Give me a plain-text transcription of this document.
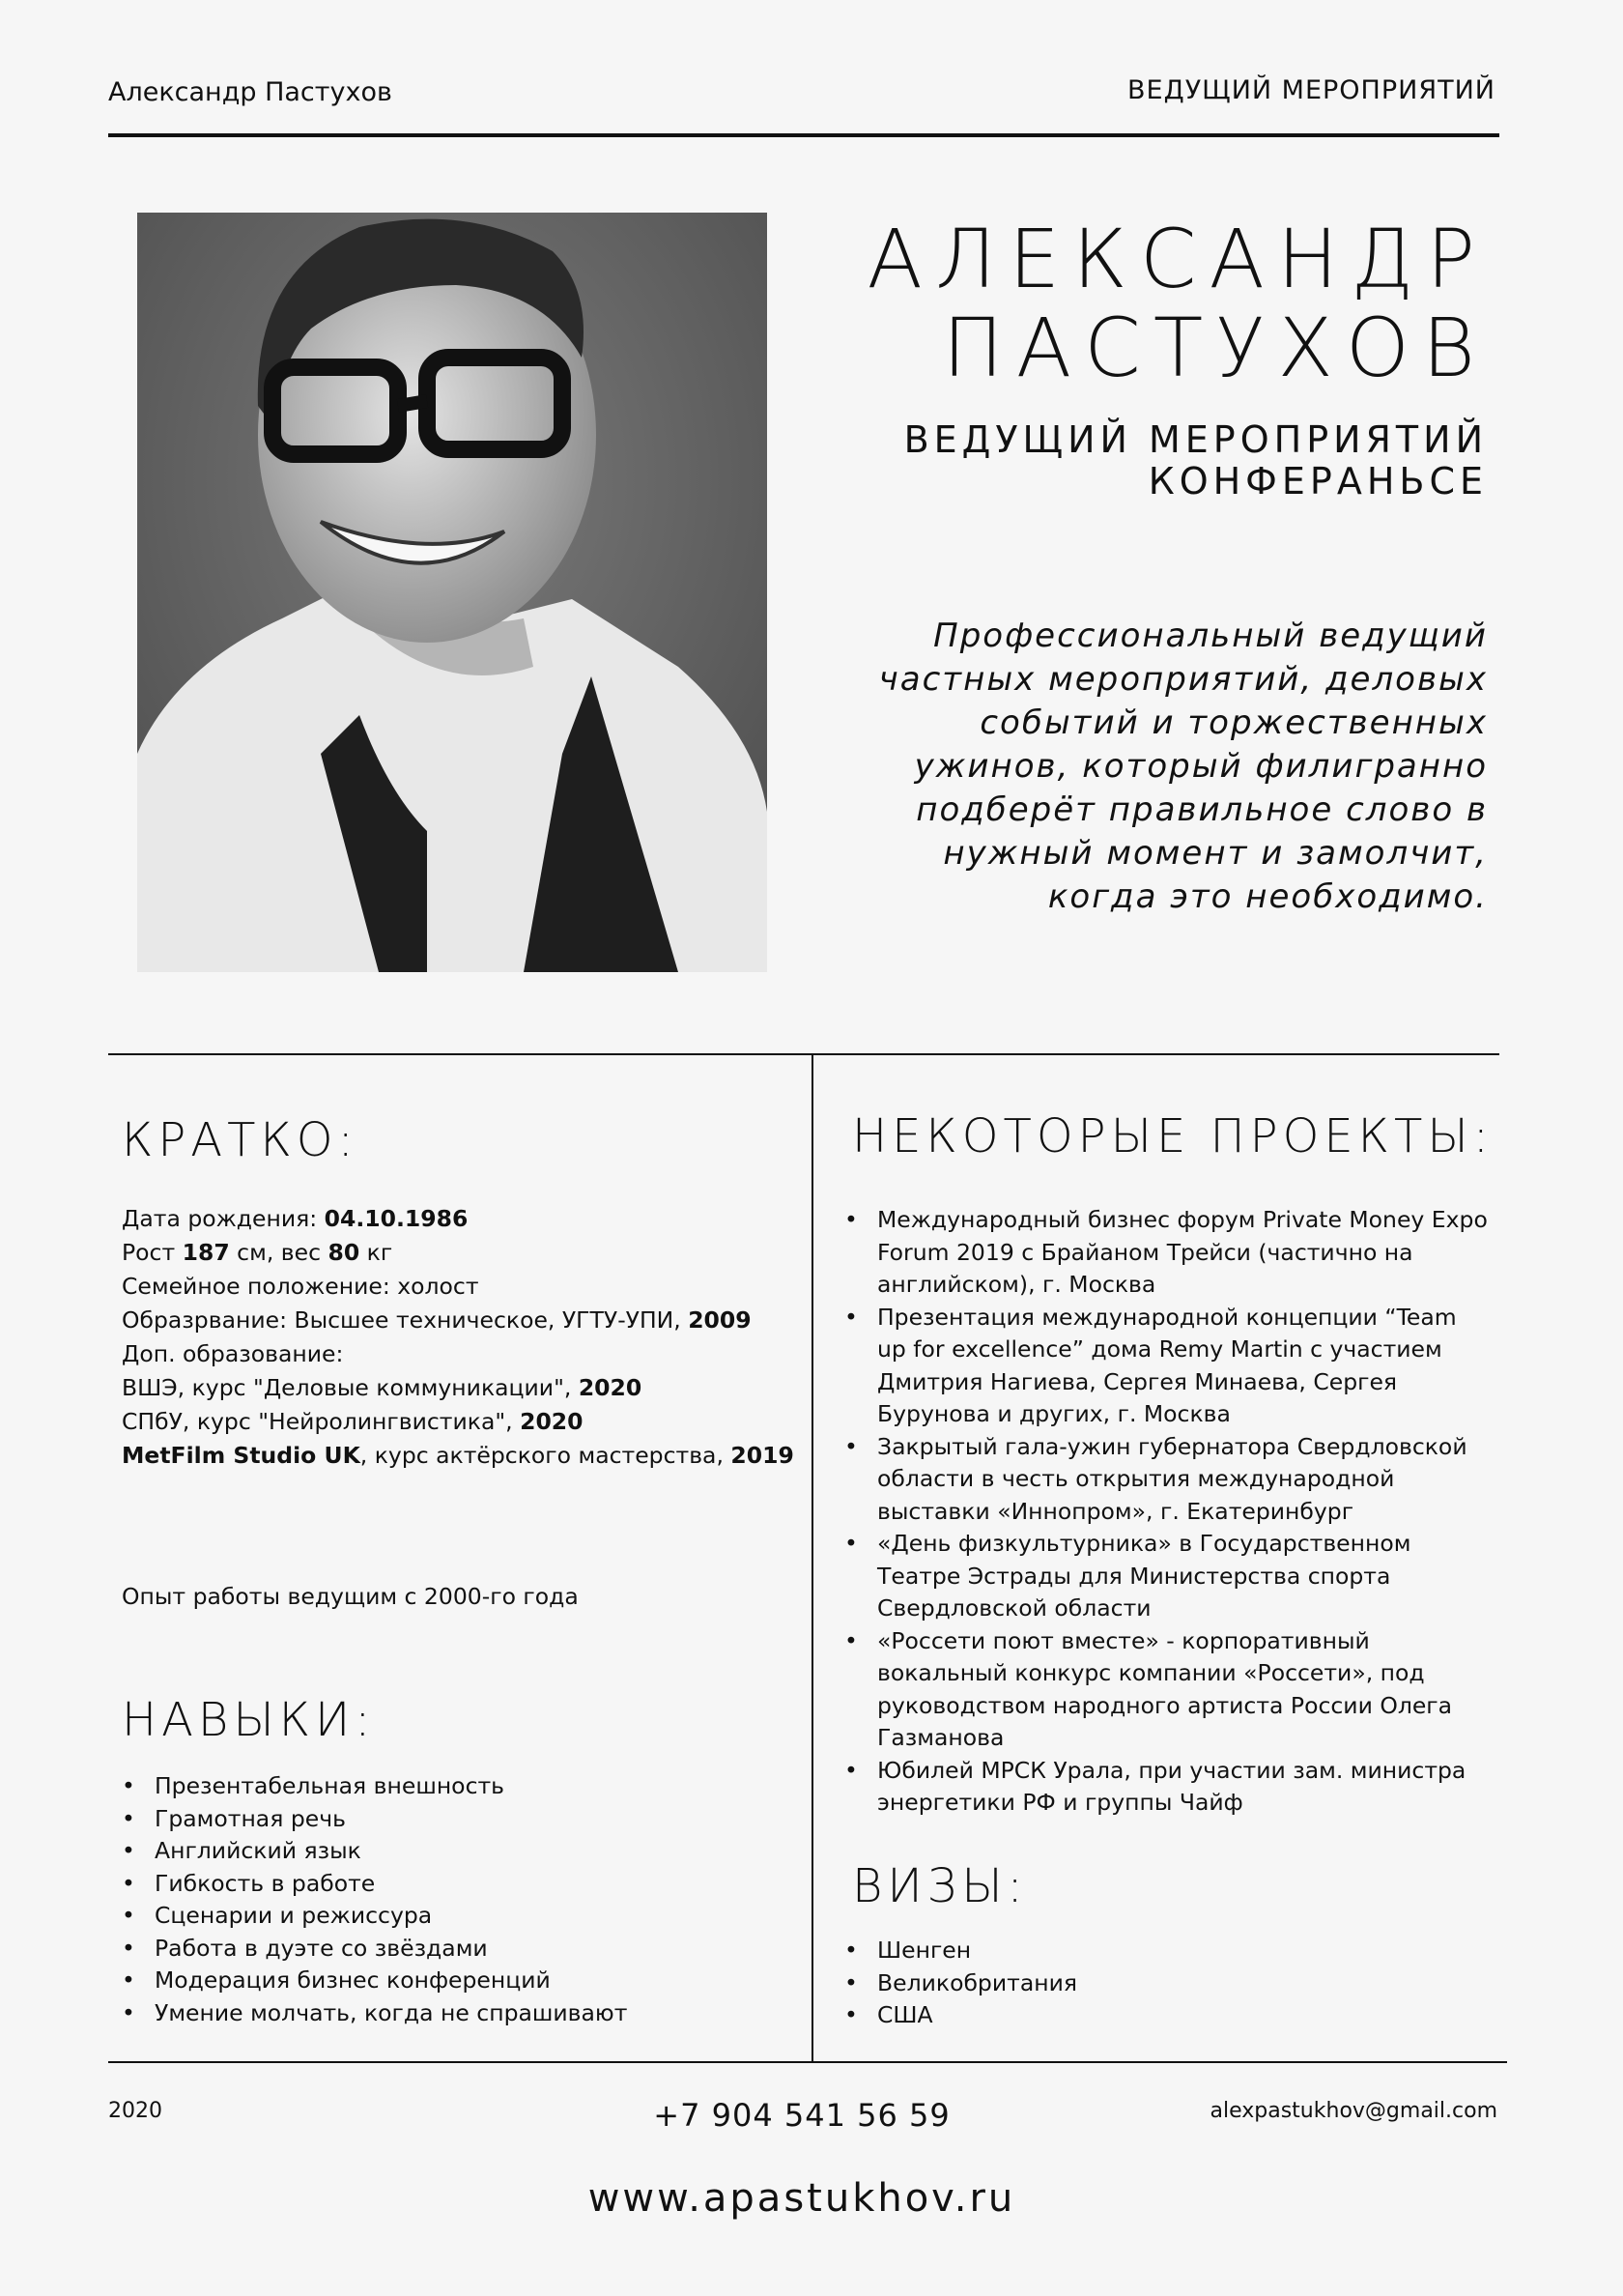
Александр Пастухов	ВЕДУЩИЙ МЕРОПРИЯТИЙ
АЛЕКСАНДР
ПАСТУХОВ
ВЕДУЩИЙ МЕРОПРИЯТИЙ
КОНФЕРАНЬСЕ
Профессиональный ведущий частных мероприятий, деловых событий и торжественных ужинов, который филигранно подберёт правильное слово в нужный момент и замолчит, когда это необходимо.
КРАТКО:
Дата рождения: 04.10.1986
Рост 187 см, вес 80 кг
Семейное положение: холост
Образрвание: Высшее техническое, УГТУ-УПИ, 2009
Доп. образование:
ВШЭ, курс "Деловые коммуникации", 2020
СПбУ, курс "Нейролингвистика", 2020
MetFilm Studio UK, курс актёрского мастерства, 2019
Опыт работы ведущим с 2000-го года
НАВЫКИ:
• Презентабельная внешность
• Грамотная речь
• Английский язык
• Гибкость в работе
• Сценарии и режиссура
• Работа в дуэте со звёздами
• Модерация бизнес конференций
• Умение молчать, когда не спрашивают
НЕКОТОРЫЕ ПРОЕКТЫ:
• Международный бизнес форум Private Money Expo Forum 2019 с Брайаном Трейси (частично на английском), г. Москва
• Презентация международной концепции “Team up for excellence” дома Remy Martin с участием Дмитрия Нагиева, Сергея Минаева, Сергея Бурунова и других, г. Москва
• Закрытый гала-ужин губернатора Свердловской области в честь открытия международной выставки «Иннопром», г. Екатеринбург
• «День физкультурника» в Государственном Театре Эстрады для Министерства спорта Свердловской области
• «Россети поют вместе» - корпоративный вокальный конкурс компании «Россети», под руководством народного артиста России Олега Газманова
• Юбилей МРСК Урала, при участии зам. министра энергетики РФ и группы Чайф
ВИЗЫ:
• Шенген
• Великобритания
• США
2020	+7 904 541 56 59	alexpastukhov@gmail.com
www.apastukhov.ru
